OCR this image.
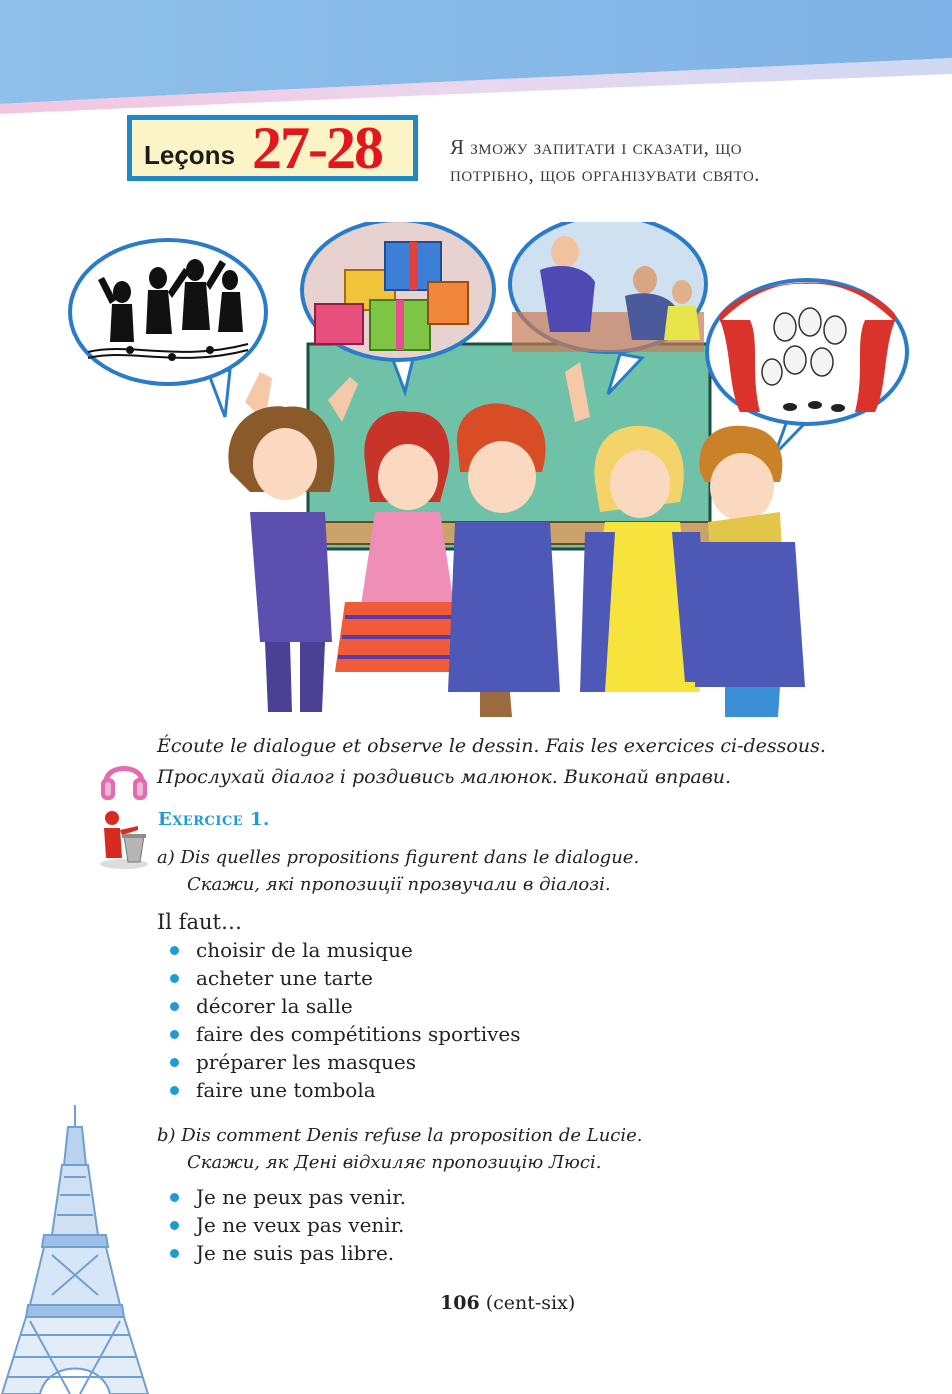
Leçons 27-28	Я зможу запитати і сказати, що
потрібно, щоб організувати свято.
Écoute le dialogue et observe le dessin. Fais les exercices ci-dessous.
Прослухай діалог і роздивись малюнок. Виконай вправи.
Exercice 1.
a) Dis quelles propositions figurent dans le dialogue.
Скажи, які пропозиції прозвучали в діалозі.
Il faut…
choisir de la musique
acheter une tarte
décorer la salle
faire des compétitions sportives
préparer les masques
faire une tombola
b) Dis comment Denis refuse la proposition de Lucie.
Скажи, як Дені відхиляє пропозицію Люсі.
Je ne peux pas venir.
Je ne veux pas venir.
Je ne suis pas libre.
106 (cent-six)
